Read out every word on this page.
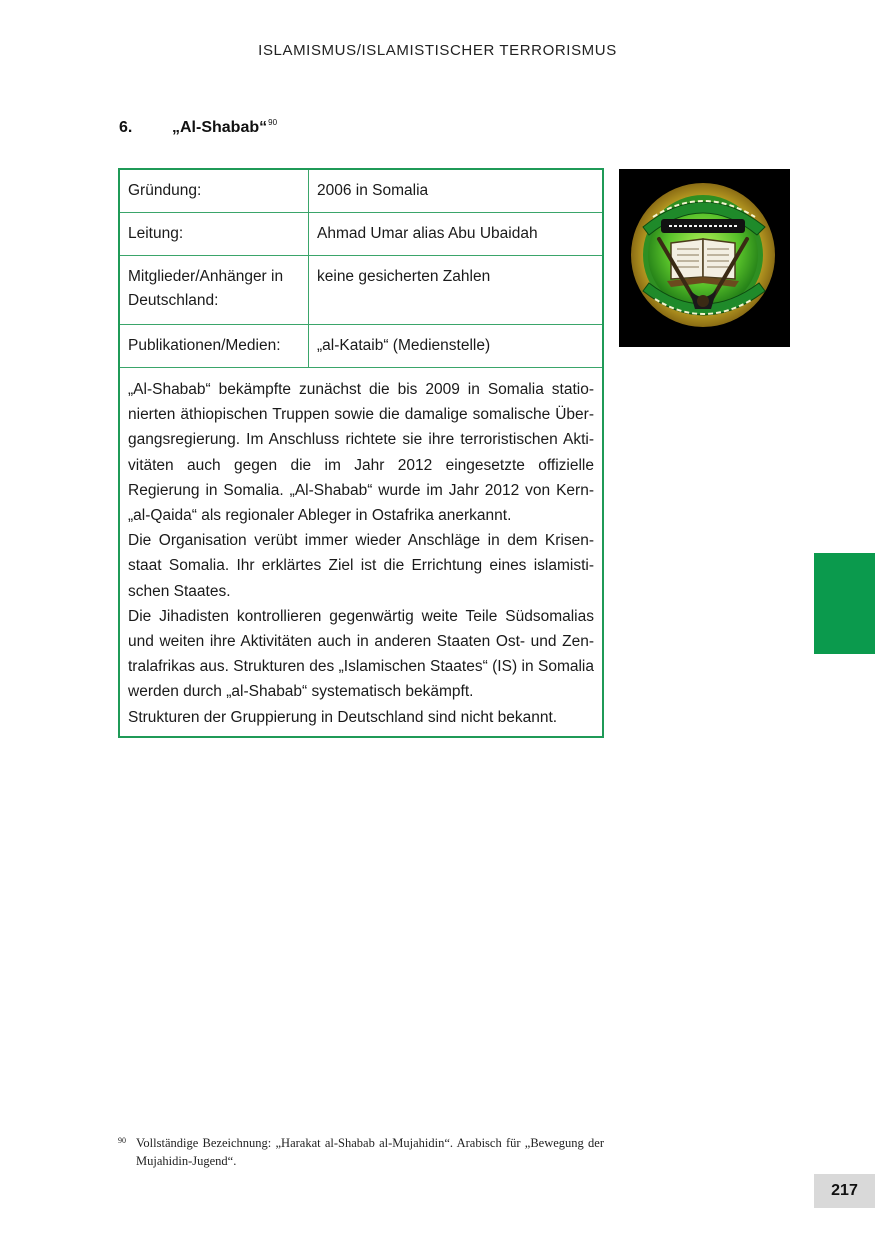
ISLAMISMUS/ISLAMISTISCHER TERRORISMUS
6. „Al-Shabab“$^{90}$
Gründung:	2006 in Somalia
Leitung:	Ahmad Umar alias Abu Ubaidah
Mitglieder/Anhänger in Deutschland:	keine gesicherten Zahlen
Publikationen/Medien:	„al-Kataib“ (Medienstelle)

„Al-Shabab“ bekämpfte zunächst die bis 2009 in Somalia stationierten äthiopischen Truppen sowie die damalige somalische Übergangsregierung. Im Anschluss richtete sie ihre terroristischen Aktivitäten auch gegen die im Jahr 2012 eingesetzte offizielle Regierung in Somalia. „Al-Shabab“ wurde im Jahr 2012 von Kern-„al-Qaida“ als regionaler Ableger in Ostafrika anerkannt.

Die Organisation verübt immer wieder Anschläge in dem Krisenstaat Somalia. Ihr erklärtes Ziel ist die Errichtung eines islamistischen Staates.

Die Jihadisten kontrollieren gegenwärtig weite Teile Südsomalias und weiten ihre Aktivitäten auch in anderen Staaten Ost- und Zentralafrikas aus. Strukturen des „Islamischen Staates“ (IS) in Somalia werden durch „al-Shabab“ systematisch bekämpft.

Strukturen der Gruppierung in Deutschland sind nicht bekannt.

90 Vollständige Bezeichnung: „Harakat al-Shabab al-Mujahidin“. Arabisch für „Bewegung der Mujahidin-Jugend“.
217
